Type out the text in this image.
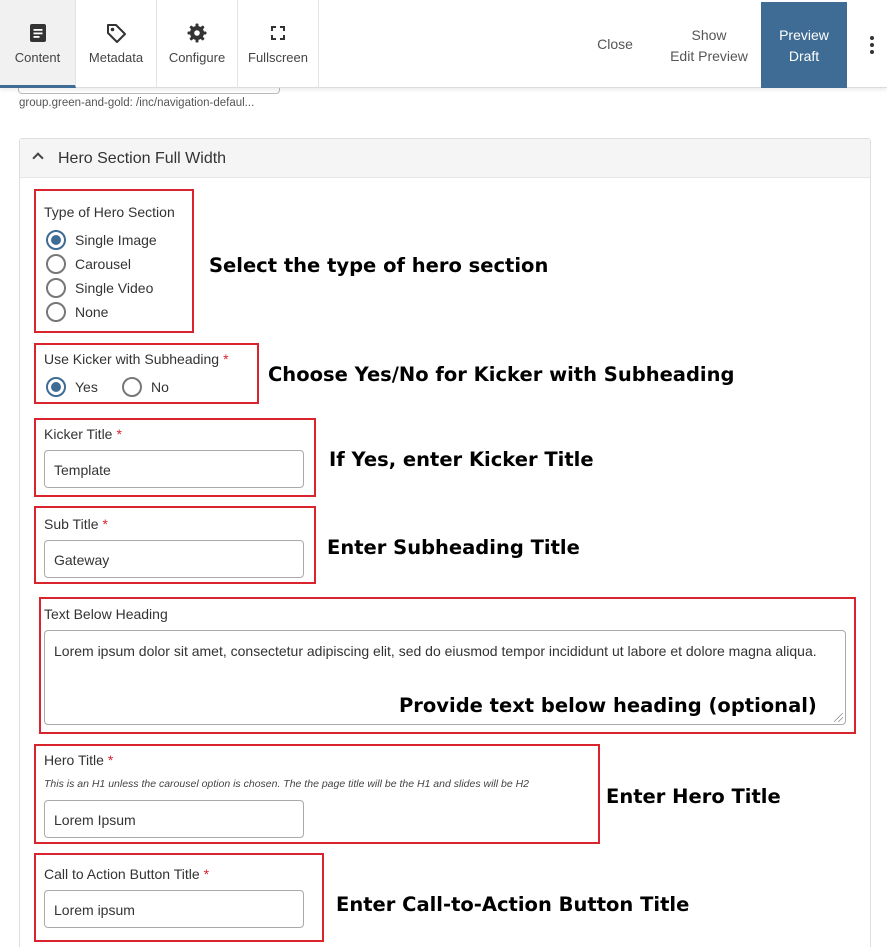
Content	Metadata	Configure	Fullscreen
Close
Show
Edit Preview
Preview
Draft
group.green-and-gold: /inc/navigation-defaul...
Hero Section Full Width
Type of Hero Section
Single Image
Carousel
Single Video
None
Select the type of hero section
Use Kicker with Subheading *
Yes	No
Choose Yes/No for Kicker with Subheading
Kicker Title *
Template	If Yes, enter Kicker Title
Sub Title *
Gateway
Enter Subheading Title
Text Below Heading
Lorem ipsum dolor sit amet, consectetur adipiscing elit, sed do eiusmod tempor incididunt ut labore et dolore magna aliqua.
Provide text below heading (optional)
Hero Title *
This is an H1 unless the carousel option is chosen. The the page title will be the H1 and slides will be H2
Lorem Ipsum
Enter Hero Title
Call to Action Button Title *
Lorem ipsum	Enter Call-to-Action Button Title
